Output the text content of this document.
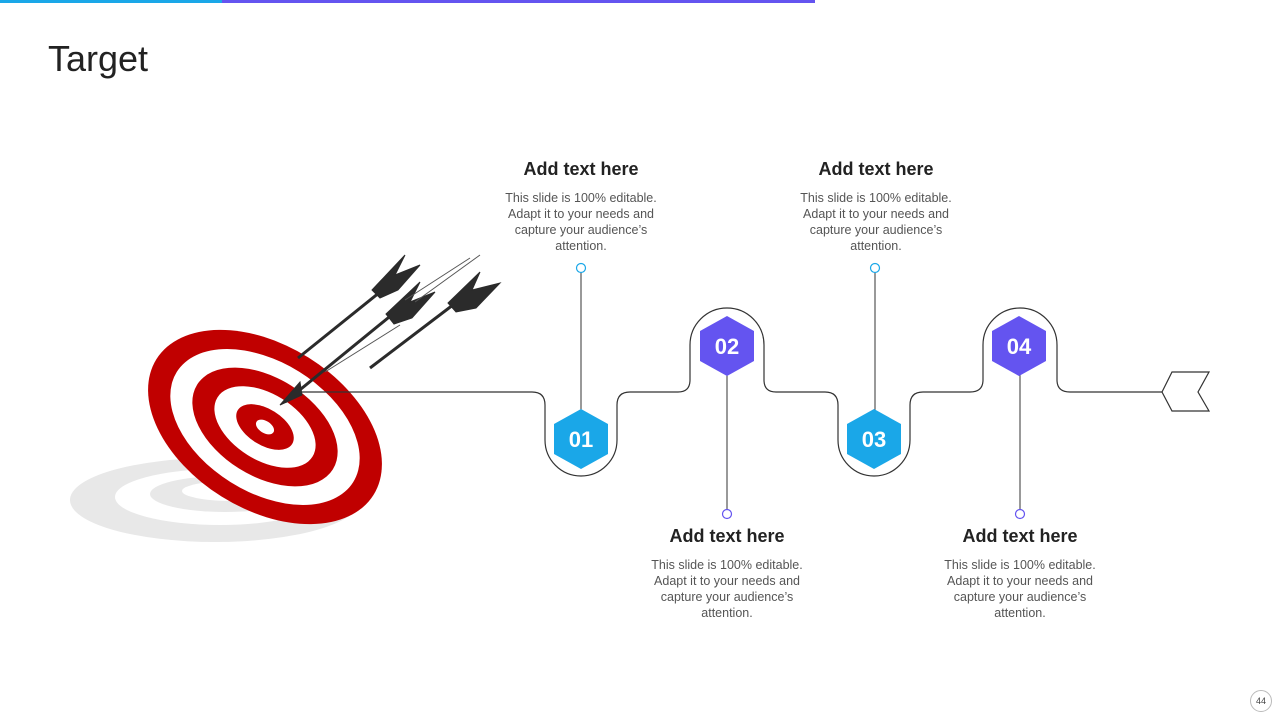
Target
01
02
03
04
Add text here
This slide is 100% editable. Adapt it to your needs and capture your audience’s attention.
Add text here
This slide is 100% editable. Adapt it to your needs and capture your audience’s attention.
Add text here
This slide is 100% editable. Adapt it to your needs and capture your audience’s attention.
Add text here
This slide is 100% editable. Adapt it to your needs and capture your audience’s attention.
44
